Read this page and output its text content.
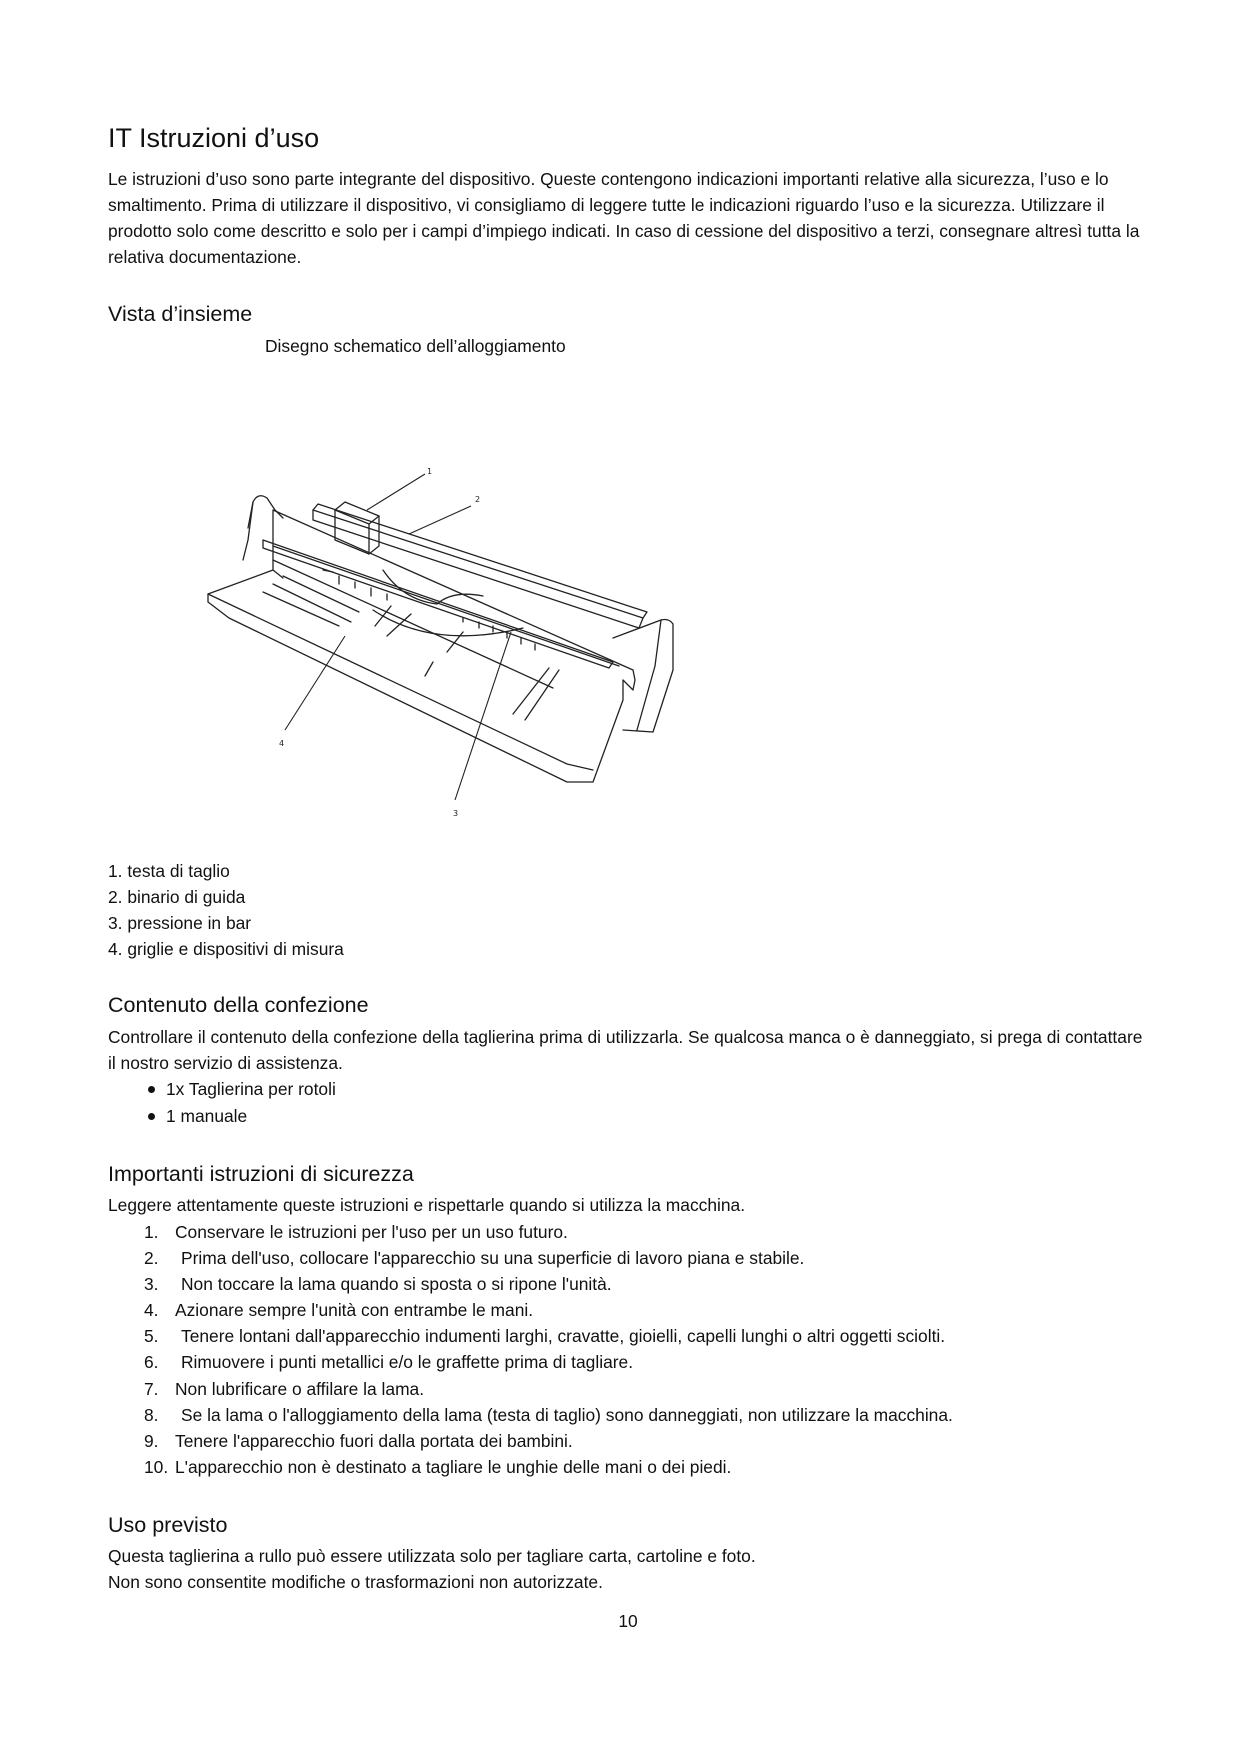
IT Istruzioni d’uso

Le istruzioni d’uso sono parte integrante del dispositivo. Queste contengono indicazioni importanti relative alla sicurezza, l’uso e lo smaltimento. Prima di utilizzare il dispositivo, vi consigliamo di leggere tutte le indicazioni riguardo l’uso e la sicurezza. Utilizzare il prodotto solo come descritto e solo per i campi d’impiego indicati. In caso di cessione del dispositivo a terzi, consegnare altresì tutta la relativa documentazione.

Vista d’insieme
Disegno schematico dell’alloggiamento
1
2
3
4
1. testa di taglio
2. binario di guida
3. pressione in bar
4. griglie e dispositivi di misura
Contenuto della confezione

Controllare il contenuto della confezione della taglierina prima di utilizzarla. Se qualcosa manca o è danneggiato, si prega di contattare il nostro servizio di assistenza.

1x Taglierina per rotoli
1 manuale
Importanti istruzioni di sicurezza

Leggere attentamente queste istruzioni e rispettarle quando si utilizza la macchina.

1. Conservare le istruzioni per l'uso per un uso futuro.
2.	Prima dell'uso, collocare l'apparecchio su una superficie di lavoro piana e stabile.
3.	Non toccare la lama quando si sposta o si ripone l'unità.
4. Azionare sempre l'unità con entrambe le mani.
5.	Tenere lontani dall'apparecchio indumenti larghi, cravatte, gioielli, capelli lunghi o altri oggetti sciolti.
6.	Rimuovere i punti metallici e/o le graffette prima di tagliare.
7. Non lubrificare o affilare la lama.
8.	Se la lama o l'alloggiamento della lama (testa di taglio) sono danneggiati, non utilizzare la macchina.
9. Tenere l'apparecchio fuori dalla portata dei bambini.
10. L'apparecchio non è destinato a tagliare le unghie delle mani o dei piedi.
Uso previsto

Questa taglierina a rullo può essere utilizzata solo per tagliare carta, cartoline e foto.

Non sono consentite modifiche o trasformazioni non autorizzate.

10
